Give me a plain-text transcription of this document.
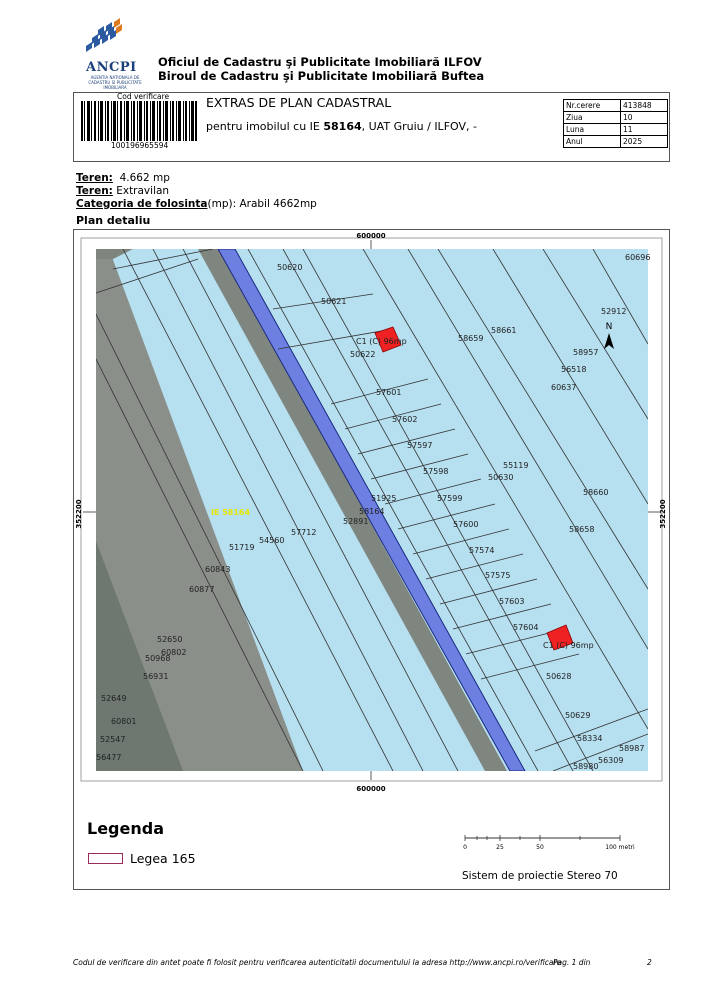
ANCPI
AGENTIA NATIONALA DE CADASTRU SI PUBLICITATE IMOBILIARA
Oficiul de Cadastru şi Publicitate Imobiliară ILFOV
Biroul de Cadastru şi Publicitate Imobiliară Buftea
Cod verificare
100196965594
EXTRAS DE PLAN CADASTRAL
pentru imobilul cu IE 58164, UAT Gruiu / ILFOV, -
Nr.cerere	413848
Ziua	10
Luna	11
Anul	2025
Teren: 4.662 mp
Teren: Extravilan
Categoria de folosinta(mp): Arabil 4662mp
Plan detaliu
60696
50620
50621
52912
58661
C1 (C) 96mp	58659
50622	58957
56518
60637
57601
57602
57597
57598
55119
50630
58660
51925
58164
57599
57712
52891
58658
54560
51719
57600
57574
60843
60877
57575
57603
52650
60802
50968
57604
C1 (C) 96mp
56931	50628
52649
60801
50629
52547	58334
58987
56477	56309
58980
600000
600000
352200	352200
N
IE 58164
Legenda
Legea 165
0	25	50	100 metri
Sistem de proiectie Stereo 70
Codul de verificare din antet poate fi folosit pentru verificarea autenticitatii documentului la adresa http://www.ancpi.ro/verificare
Pag. 1 din	2
